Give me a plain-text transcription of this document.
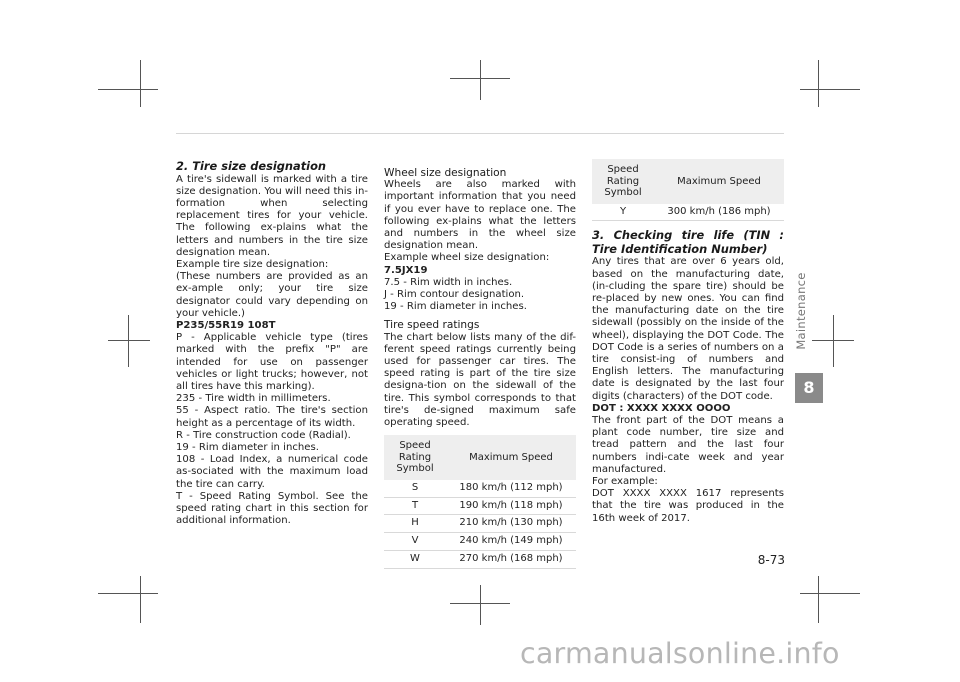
2. Tire size designation

A tire's sidewall is marked with a tire size designation. You will need this in-formation when selecting replacement tires for your vehicle. The following ex-plains what the letters and numbers in the tire size designation mean.

Example tire size designation:

(These numbers are provided as an ex-ample only; your tire size designator could vary depending on your vehicle.)

P235/55R19 108T

P - Applicable vehicle type (tires marked with the prefix "P" are intended for use on passenger vehicles or light trucks; however, not all tires have this marking).

235 - Tire width in millimeters.

55 - Aspect ratio. The tire's section height as a percentage of its width.

R - Tire construction code (Radial).

19 - Rim diameter in inches.

108 - Load Index, a numerical code as-sociated with the maximum load the tire can carry.

T - Speed Rating Symbol. See the speed rating chart in this section for additional information.

Wheel size designation

Wheels are also marked with important information that you need if you ever have to replace one. The following ex-plains what the letters and numbers in the wheel size designation mean.

Example wheel size designation:

7.5JX19

7.5 - Rim width in inches.

J - Rim contour designation.

19 - Rim diameter in inches.

Tire speed ratings

The chart below lists many of the dif-ferent speed ratings currently being used for passenger car tires. The speed rating is part of the tire size designa-tion on the sidewall of the tire. This symbol corresponds to that tire's de-signed maximum safe operating speed.

Speed Rating Symbol	Maximum Speed
S	180 km/h (112 mph)
T	190 km/h (118 mph)
H	210 km/h (130 mph)
V	240 km/h (149 mph)
W	270 km/h (168 mph)
Speed Rating Symbol	Maximum Speed
Y	300 km/h (186 mph)

3. Checking tire life (TIN : Tire Identification Number)

Any tires that are over 6 years old, based on the manufacturing date, (in-cluding the spare tire) should be re-placed by new ones. You can find the manufacturing date on the tire sidewall (possibly on the inside of the wheel), displaying the DOT Code. The DOT Code is a series of numbers on a tire consist-ing of numbers and English letters. The manufacturing date is designated by the last four digits (characters) of the DOT code.

DOT : XXXX XXXX OOOO

The front part of the DOT means a plant code number, tire size and tread pattern and the last four numbers indi-cate week and year manufactured.

For example:

DOT XXXX XXXX 1617 represents that the tire was produced in the 16th week of 2017.

Maintenance
8
8-73
carmanualsonline.info
